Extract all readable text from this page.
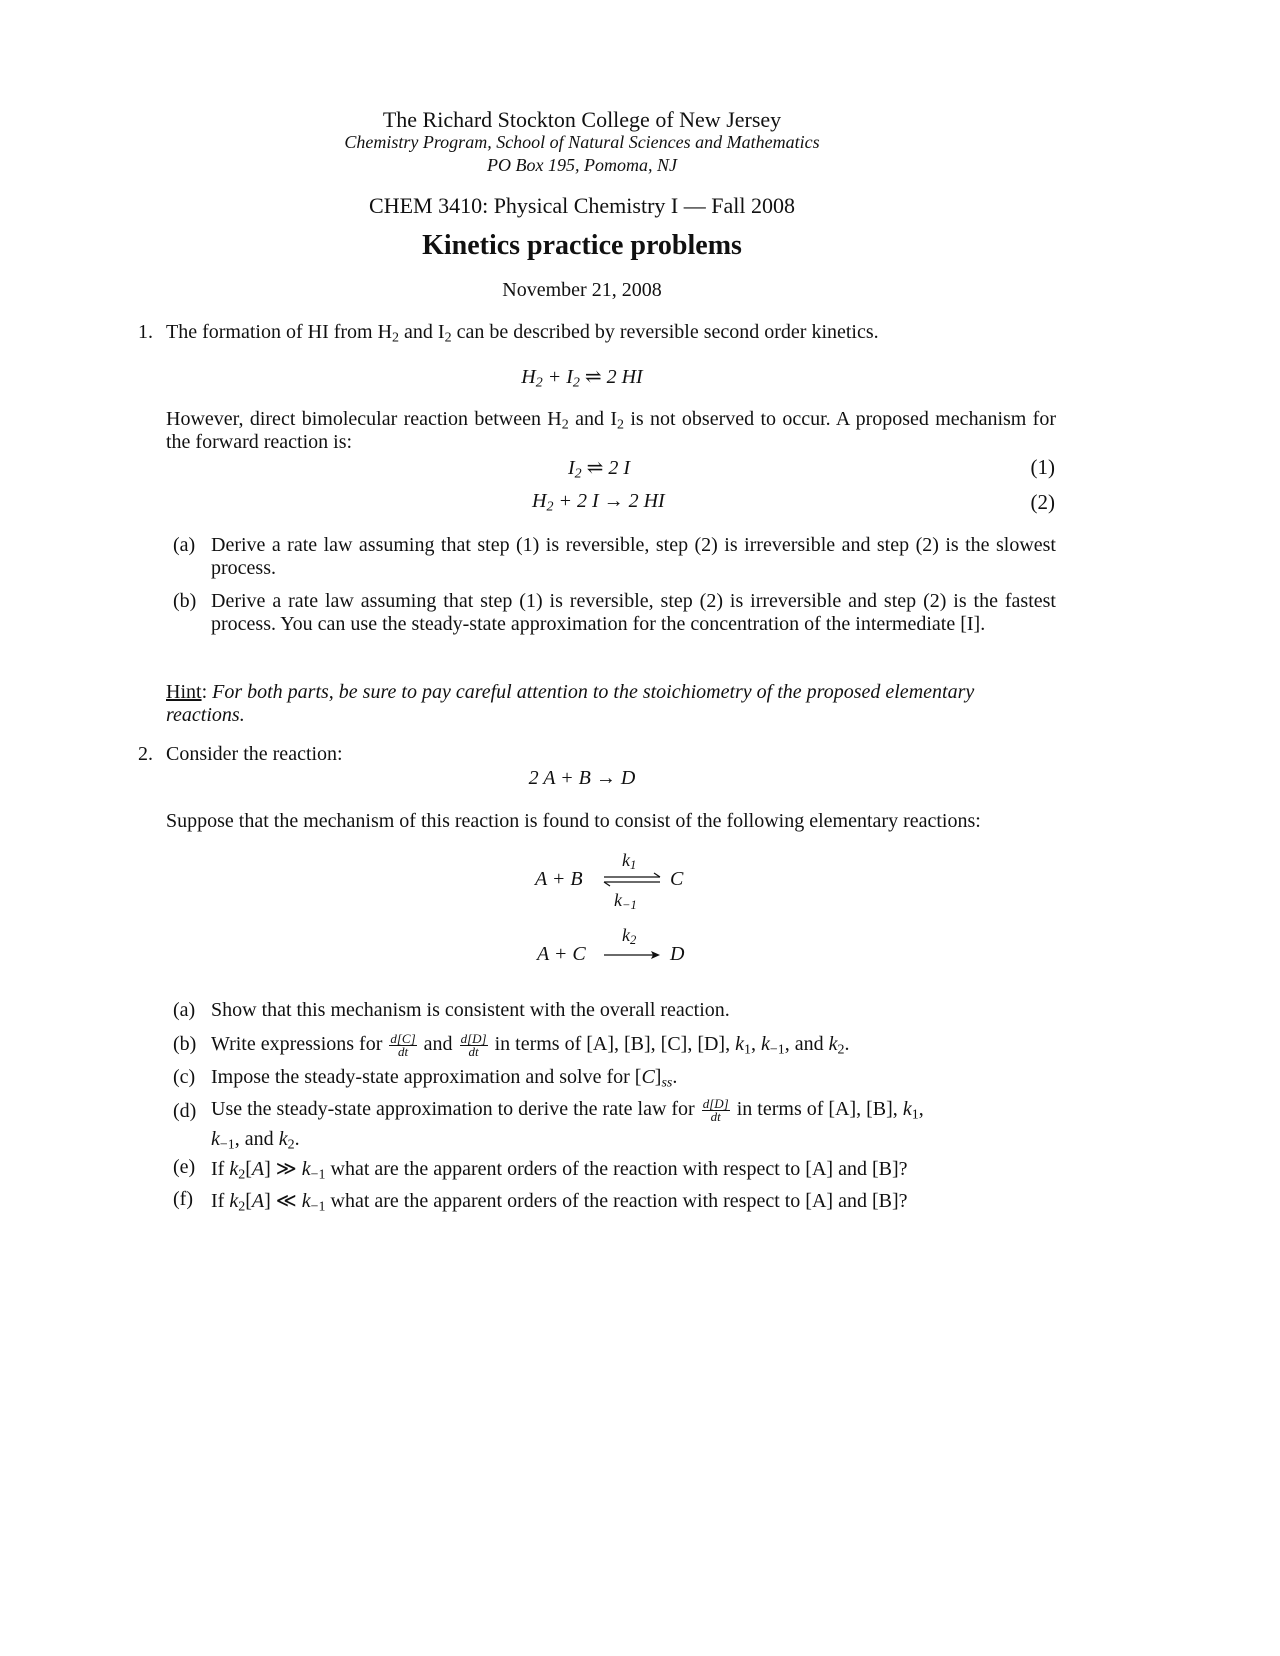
The Richard Stockton College of New Jersey
Chemistry Program, School of Natural Sciences and Mathematics
PO Box 195, Pomoma, NJ
CHEM 3410: Physical Chemistry I — Fall 2008
Kinetics practice problems
November 21, 2008
1. The formation of HI from $H_2$ and $I_2$ can be described by reversible second order kinetics.
$H_2 + I_2$ ⇌ 2 HI
However, direct bimolecular reaction between $H_2$ and $I_2$ is not observed to occur. A proposed mechanism for the forward reaction is:
$I_2$ ⇌ 2 I	(1)
$H_2 + 2$ I → 2 HI	(2)
(a) Derive a rate law assuming that step (1) is reversible, step (2) is irreversible and step (2) is the slowest process.
(b) Derive a rate law assuming that step (1) is reversible, step (2) is irreversible and step (2) is the fastest process. You can use the steady-state approximation for the concentration of the intermediate [I].
Hint: For both parts, be sure to pay careful attention to the stoichiometry of the proposed elementary reactions.
2. Consider the reaction:
2 A + B → D
Suppose that the mechanism of this reaction is found to consist of the following elementary reactions:
A + B
$k_1$
⇌ C
$k_{-1}$
A + C
$k_2$
D
(a) Show that this mechanism is consistent with the overall reaction.
(b) Write expressions for $\frac{d[C]}{dt}$ and $\frac{d[D]}{dt}$ in terms of [A], [B], [C], [D], $k_1$, $k_{-1}$, and $k_2$.
(c) Impose the steady-state approximation and solve for $[C]_{ss}$.
(d) Use the steady-state approximation to derive the rate law for $\frac{d[D]}{dt}$ in terms of [A], [B], $k_1$,
$k_{-1}$, and $k_2$.
(e) If $k_2[A]$ ≫ $k_{-1}$ what are the apparent orders of the reaction with respect to [A] and [B]?
(f) If $k_2[A]$ ≪ $k_{-1}$ what are the apparent orders of the reaction with respect to [A] and [B]?
